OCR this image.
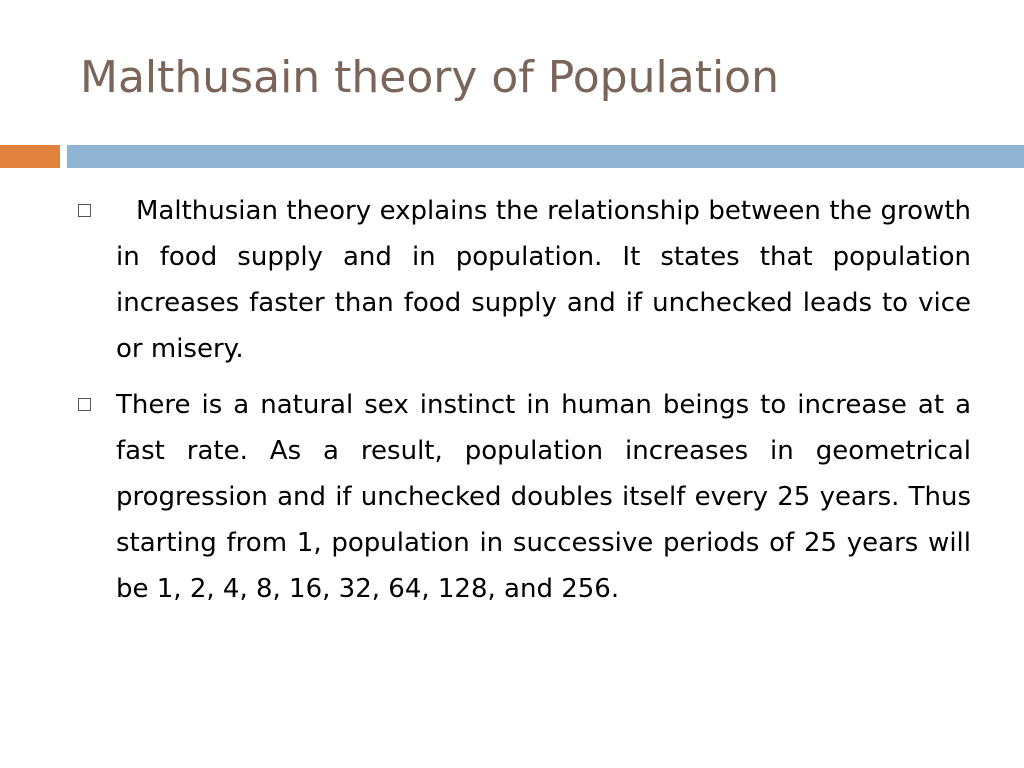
Malthusain theory of Population
Malthusian theory explains the relationship between the growth in food supply and in population. It states that population increases faster than food supply and if unchecked leads to vice or misery.
There is a natural sex instinct in human beings to increase at a fast rate. As a result, population increases in geometrical progression and if unchecked doubles itself every 25 years. Thus starting from 1, population in successive periods of 25 years will be 1, 2, 4, 8, 16, 32, 64, 128, and 256.
